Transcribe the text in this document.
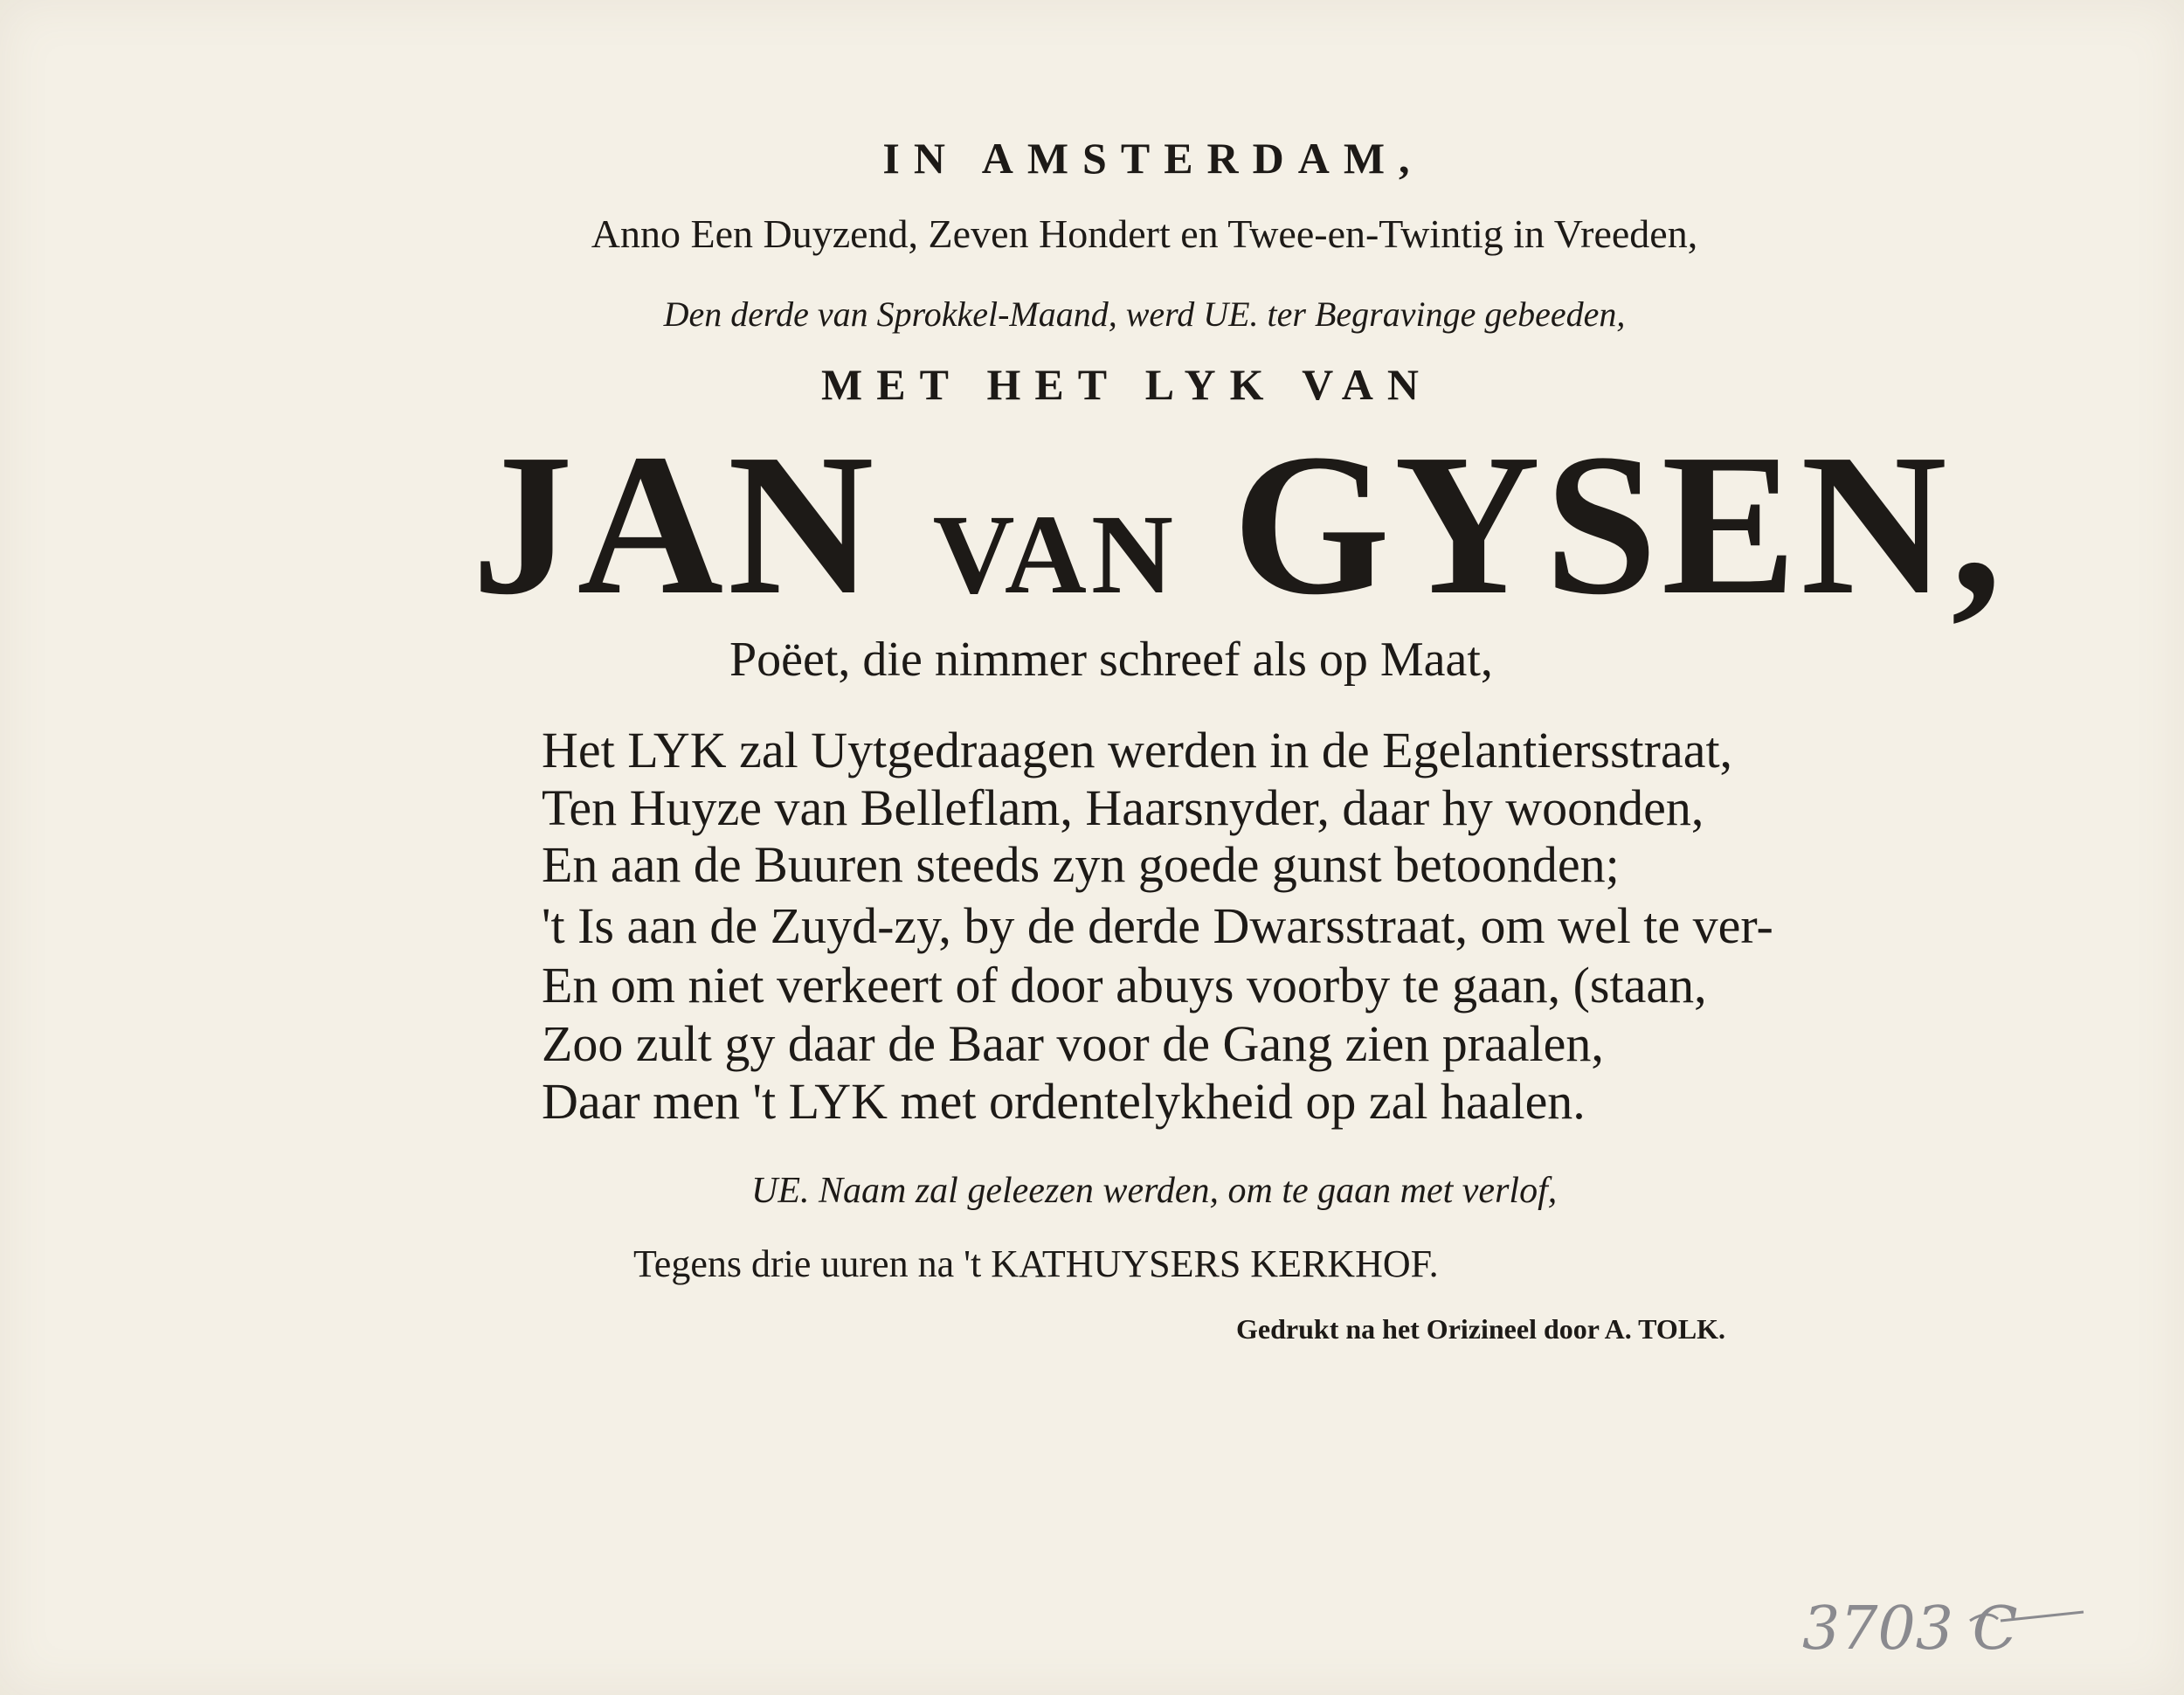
IN AMSTERDAM,

Anno Een Duyzend, Zeven Hondert en Twee-en-Twintig in Vreeden,

Den derde van Sprokkel-Maand, werd UE. ter Begravinge gebeeden,

MET HET LYK VAN

JAN VAN GYSEN,

Poëet, die nimmer schreef als op Maat,

Het LYK zal Uytgedraagen werden in de Egelantiersstraat,

Ten Huyze van Belleflam, Haarsnyder, daar hy woonden,

En aan de Buuren steeds zyn goede gunst betoonden;

't Is aan de Zuyd-zy, by de derde Dwarsstraat, om wel te ver-

En om niet verkeert of door abuys voorby te gaan, (staan,

Zoo zult gy daar de Baar voor de Gang zien praalen,

Daar men 't LYK met ordentelykheid op zal haalen.

UE. Naam zal geleezen werden, om te gaan met verlof,

Tegens drie uuren na 't KATHUYSERS KERKHOF.

Gedrukt na het Orizineel door A. TOLK.

3703 C
